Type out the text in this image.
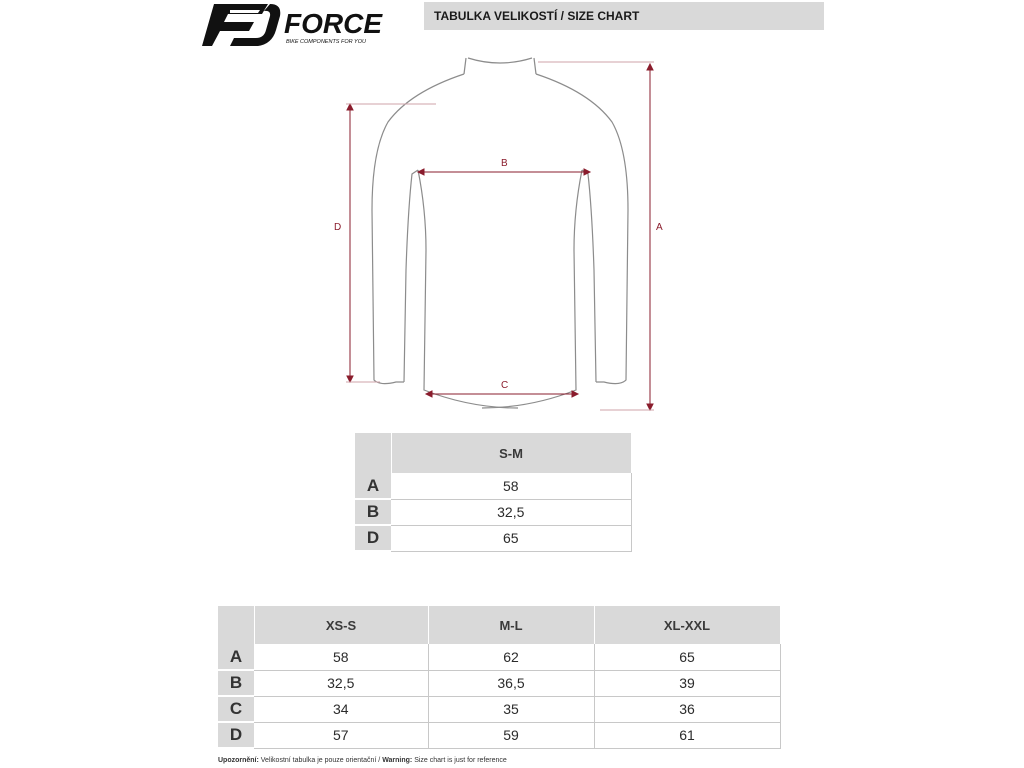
FORCE
BIKE COMPONENTS FOR YOU
TABULKA VELIKOSTÍ / SIZE CHART
A
B
C
D
	S-M
A	58
B	32,5
D	65
	XS-S	M-L	XL-XXL
A	58	62	65
B	32,5	36,5	39
C	34	35	36
D	57	59	61
Upozornění: Velikostní tabulka je pouze orientační / Warning: Size chart is just for reference
